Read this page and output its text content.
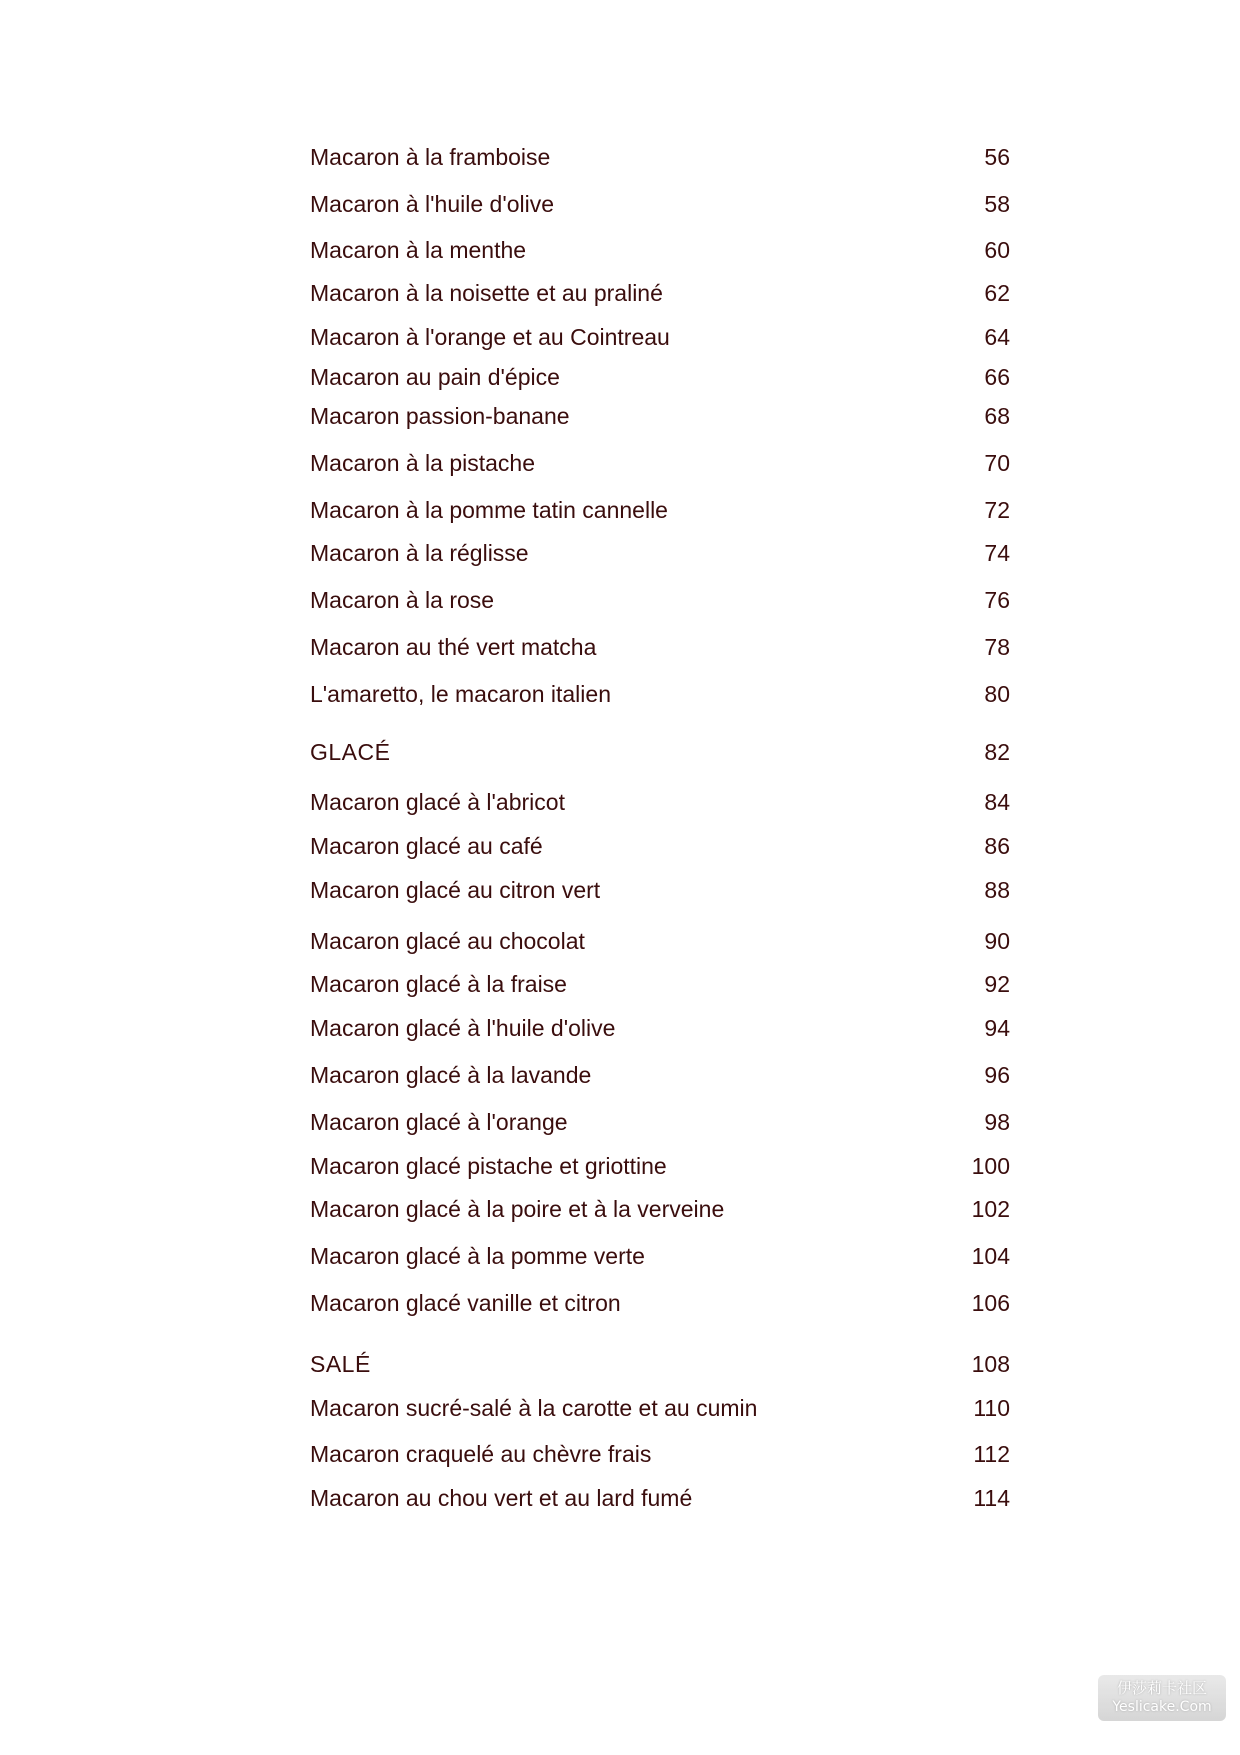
Macaron à la framboise	56
Macaron à l'huile d'olive	58
Macaron à la menthe	60
Macaron à la noisette et au praliné	62
Macaron à l'orange et au Cointreau	64
Macaron au pain d'épice	66
Macaron passion-banane	68
Macaron à la pistache	70
Macaron à la pomme tatin cannelle	72
Macaron à la réglisse	74
Macaron à la rose	76
Macaron au thé vert matcha	78
L'amaretto, le macaron italien	80
GLACÉ	82
Macaron glacé à l'abricot	84
Macaron glacé au café	86
Macaron glacé au citron vert	88
Macaron glacé au chocolat	90
Macaron glacé à la fraise	92
Macaron glacé à l'huile d'olive	94
Macaron glacé à la lavande	96
Macaron glacé à l'orange	98
Macaron glacé pistache et griottine	100
Macaron glacé à la poire et à la verveine	102
Macaron glacé à la pomme verte	104
Macaron glacé vanille et citron	106
SALÉ	108
Macaron sucré-salé à la carotte et au cumin	110
Macaron craquelé au chèvre frais	112
Macaron au chou vert et au lard fumé	114
伊莎莉卡社区
Yeslicake.Com
